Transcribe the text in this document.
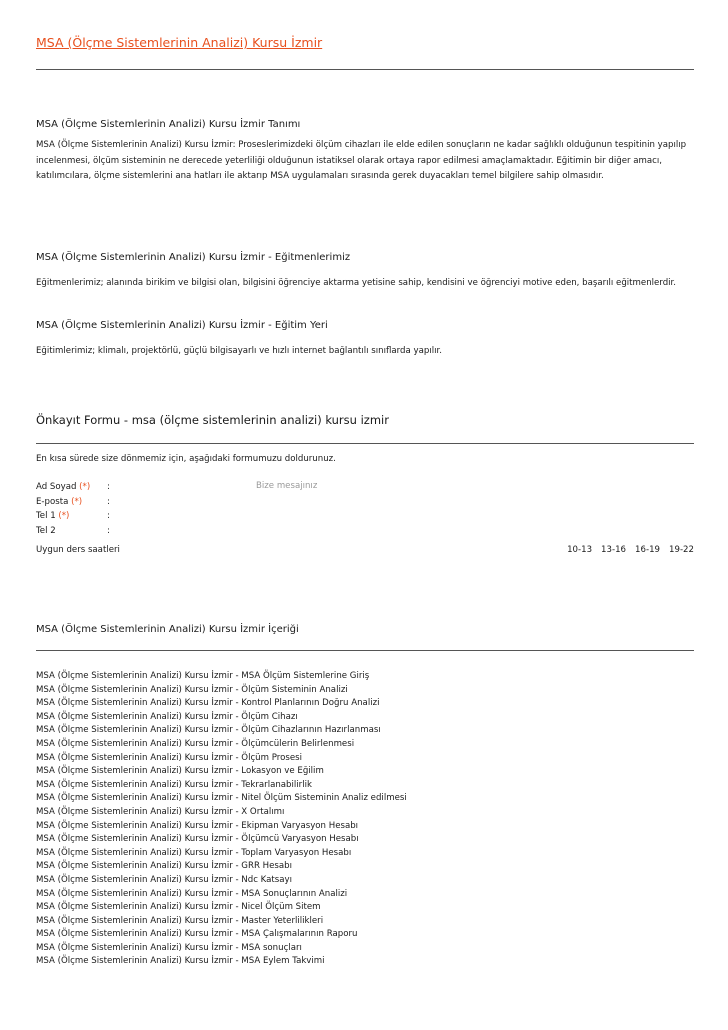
MSA (Ölçme Sistemlerinin Analizi) Kursu İzmir
MSA (Ölçme Sistemlerinin Analizi) Kursu İzmir Tanımı
MSA (Ölçme Sistemlerinin Analizi) Kursu İzmir: Proseslerimizdeki ölçüm cihazları ile elde edilen sonuçların ne kadar sağlıklı olduğunun tespitinin yapılıp incelenmesi, ölçüm sisteminin ne derecede yeterliliği olduğunun istatiksel olarak ortaya rapor edilmesi amaçlamaktadır. Eğitimin bir diğer amacı, katılımcılara, ölçme sistemlerini ana hatları ile aktarıp MSA uygulamaları sırasında gerek duyacakları temel bilgilere sahip olmasıdır.
MSA (Ölçme Sistemlerinin Analizi) Kursu İzmir - Eğitmenlerimiz
Eğitmenlerimiz; alanında birikim ve bilgisi olan, bilgisini öğrenciye aktarma yetisine sahip, kendisini ve öğrenciyi motive eden, başarılı eğitmenlerdir.
MSA (Ölçme Sistemlerinin Analizi) Kursu İzmir - Eğitim Yeri
Eğitimlerimiz; klimalı, projektörlü, güçlü bilgisayarlı ve hızlı internet bağlantılı sınıflarda yapılır.
Önkayıt Formu - msa (ölçme sistemlerinin analizi) kursu izmir
En kısa sürede size dönmemiz için, aşağıdaki formumuzu doldurunuz.
Ad Soyad (*) :
E-posta (*)	:
Tel 1 (*)	:
Tel 2	:
Bize mesajınız
Uygun ders saatleri	10-13 13-16 16-19 19-22
MSA (Ölçme Sistemlerinin Analizi) Kursu İzmir İçeriği
MSA (Ölçme Sistemlerinin Analizi) Kursu İzmir - MSA Ölçüm Sistemlerine Giriş
MSA (Ölçme Sistemlerinin Analizi) Kursu İzmir - Ölçüm Sisteminin Analizi
MSA (Ölçme Sistemlerinin Analizi) Kursu İzmir - Kontrol Planlarının Doğru Analizi
MSA (Ölçme Sistemlerinin Analizi) Kursu İzmir - Ölçüm Cihazı
MSA (Ölçme Sistemlerinin Analizi) Kursu İzmir - Ölçüm Cihazlarının Hazırlanması
MSA (Ölçme Sistemlerinin Analizi) Kursu İzmir - Ölçümcülerin Belirlenmesi
MSA (Ölçme Sistemlerinin Analizi) Kursu İzmir - Ölçüm Prosesi
MSA (Ölçme Sistemlerinin Analizi) Kursu İzmir - Lokasyon ve Eğilim
MSA (Ölçme Sistemlerinin Analizi) Kursu İzmir - Tekrarlanabilirlik
MSA (Ölçme Sistemlerinin Analizi) Kursu İzmir - Nitel Ölçüm Sisteminin Analiz edilmesi
MSA (Ölçme Sistemlerinin Analizi) Kursu İzmir - X Ortalımı
MSA (Ölçme Sistemlerinin Analizi) Kursu İzmir - Ekipman Varyasyon Hesabı
MSA (Ölçme Sistemlerinin Analizi) Kursu İzmir - Ölçümcü Varyasyon Hesabı
MSA (Ölçme Sistemlerinin Analizi) Kursu İzmir - Toplam Varyasyon Hesabı
MSA (Ölçme Sistemlerinin Analizi) Kursu İzmir - GRR Hesabı
MSA (Ölçme Sistemlerinin Analizi) Kursu İzmir - Ndc Katsayı
MSA (Ölçme Sistemlerinin Analizi) Kursu İzmir - MSA Sonuçlarının Analizi
MSA (Ölçme Sistemlerinin Analizi) Kursu İzmir - Nicel Ölçüm Sitem
MSA (Ölçme Sistemlerinin Analizi) Kursu İzmir - Master Yeterlilikleri
MSA (Ölçme Sistemlerinin Analizi) Kursu İzmir - MSA Çalışmalarının Raporu
MSA (Ölçme Sistemlerinin Analizi) Kursu İzmir - MSA sonuçları
MSA (Ölçme Sistemlerinin Analizi) Kursu İzmir - MSA Eylem Takvimi
